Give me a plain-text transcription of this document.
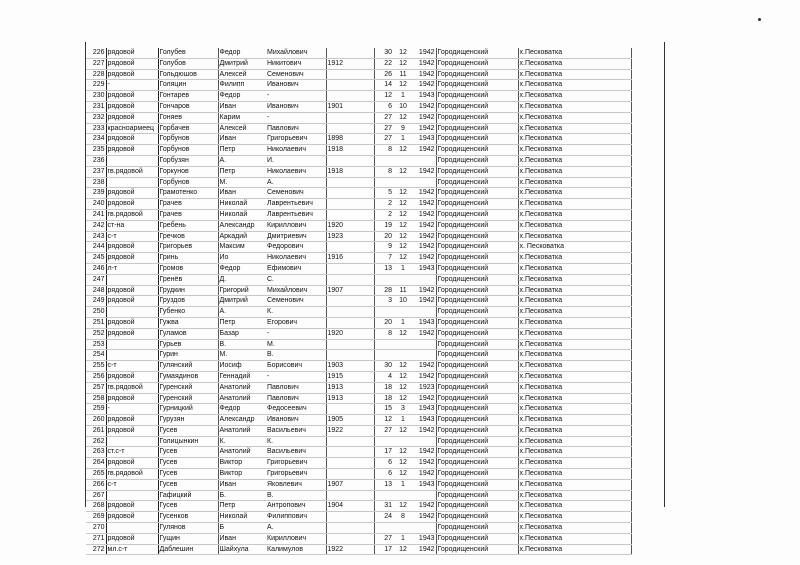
226	рядовой	Голубев	Федор	Михайлович		30	12	1942	Городищенский	х.Песковатка
227	рядовой	Голубов	Дмитрий	Никитович	1912	22	12	1942	Городищенский	х.Песковатка
228	рядовой	Гольдюшов	Алексей	Семенович		26	11	1942	Городищенский	х.Песковатка
229	-	Голяцин	Филипп	Иванович		14	12	1942	Городищенский	х.Песковатка
230	рядовой	Гонтарев	Федор	-		12	1	1943	Городищенский	х.Песковатка
231	рядовой	Гончаров	Иван	Иванович	1901	6	10	1942	Городищенский	х.Песковатка
232	рядовой	Гоняев	Карим	-		27	12	1942	Городищенский	х.Песковатка
233	красноармеец	Горбачев	Алексей	Павлович		27	9	1942	Городищенский	х.Песковатка
234	рядовой	Горбунов	Иван	Григорьевич	1898	27	1	1943	Городищенский	х.Песковатка
235	рядовой	Горбунов	Петр	Николаевич	1918	8	12	1942	Городищенский	х.Песковатка
236		Горбузян	А.	И.					Городищенский	х.Песковатка
237	гв.рядовой	Горкунов	Петр	Николаевич	1918	8	12	1942	Городищенский	х.Песковатка
238		Горбунов	М.	А.					Городищенский	х.Песковатка
239	рядовой	Грамотенко	Иван	Семенович		5	12	1942	Городищенский	х.Песковатка
240	рядовой	Грачев	Николай	Лаврентьевич		2	12	1942	Городищенский	х.Песковатка
241	гв.рядовой	Грачев	Николай	Лаврентьевич		2	12	1942	Городищенский	х.Песковатка
242	ст-на	Гребень	Александр	Кириллович	1920	19	12	1942	Городищенский	х.Песковатка
243	с-т	Гречков	Аркадий	Дмитриевич	1923	20	12	1942	Городищенский	х.Песковатка
244	рядовой	Григорьев	Максим	Федорович		9	12	1942	Городищенский	х. Песковатка
245	рядовой	Гринь	Ио	Николаевич	1916	7	12	1942	Городищенский	х.Песковатка
246	л-т	Громов	Федор	Ефимович		13	1	1943	Городищенский	х.Песковатка
247		Гренёв	Д.	С.					Городищенский	х.Песковатка
248	рядовой	Грудкин	Григорий	Михайлович	1907	28	11	1942	Городищенский	х.Песковатка
249	рядовой	Груздов	Дмитрий	Семенович		3	10	1942	Городищенский	х.Песковатка
250		Губенко	А.	К.					Городищенский	х.Песковатка
251	рядовой	Гужва	Петр	Егорович		20	1	1943	Городищенский	х.Песковатка
252	рядовой	Гуламов	Базар	-	1920	8	12	1942	Городищенский	х.Песковатка
253		Гурьев	В.	М.					Городищенский	х.Песковатка
254		Гурин	М.	В.					Городищенский	х.Песковатка
255	с-т	Гулянский	Иосиф	Борисович	1903	30	12	1942	Городищенский	х.Песковатка
256	рядовой	Гумаядинов	Геннадий	-	1915	4	12	1942	Городищенский	х.Песковатка
257	гв.рядовой	Гуренский	Анатолий	Павлович	1913	18	12	1923	Городищенский	х.Песковатка
258	рядовой	Гуренский	Анатолий	Павлович	1913	18	12	1942	Городищенский	х.Песковатка
259	-	Гурницкий	Федор	Федосеевич		15	3	1943	Городищенский	х.Песковатка
260	рядовой	Гурузян	Александр	Иванович	1905	12	1	1943	Городищенский	х.Песковатка
261	рядовой	Гусев	Анатолий	Васильевич	1922	27	12	1942	Городищенский	х.Песковатка
262		Голицынкин	К.	К.					Городищенский	х.Песковатка
263	ст.с-т	Гусев	Анатолий	Васильевич		17	12	1942	Городищенский	х.Песковатка
264	рядовой	Гусев	Виктор	Григорьевич		6	12	1942	Городищенский	х.Песковатка
265	гв.рядовой	Гусев	Виктор	Григорьевич		6	12	1942	Городищенский	х.Песковатка
266	с-т	Гусев	Иван	Яковлевич	1907	13	1	1943	Городищенский	х.Песковатка
267		Гафицкий	Б.	В.					Городищенский	х.Песковатка
268	рядовой	Гусев	Петр	Антропович	1904	31	12	1942	Городищенский	х.Песковатка
269	рядовой	Гусенков	Николай	Филиппович		24	8	1942	Городищенский	х.Песковатка
270		Гулянов	Б	А.					Городищенский	х.Песковатка
271	рядовой	Гущин	Иван	Кириллович		27	1	1943	Городищенский	х.Песковатка
272	мл.с-т	Даблешин	Шайхула	Калимулов	1922	17	12	1942	Городищенский	х.Песковатка
